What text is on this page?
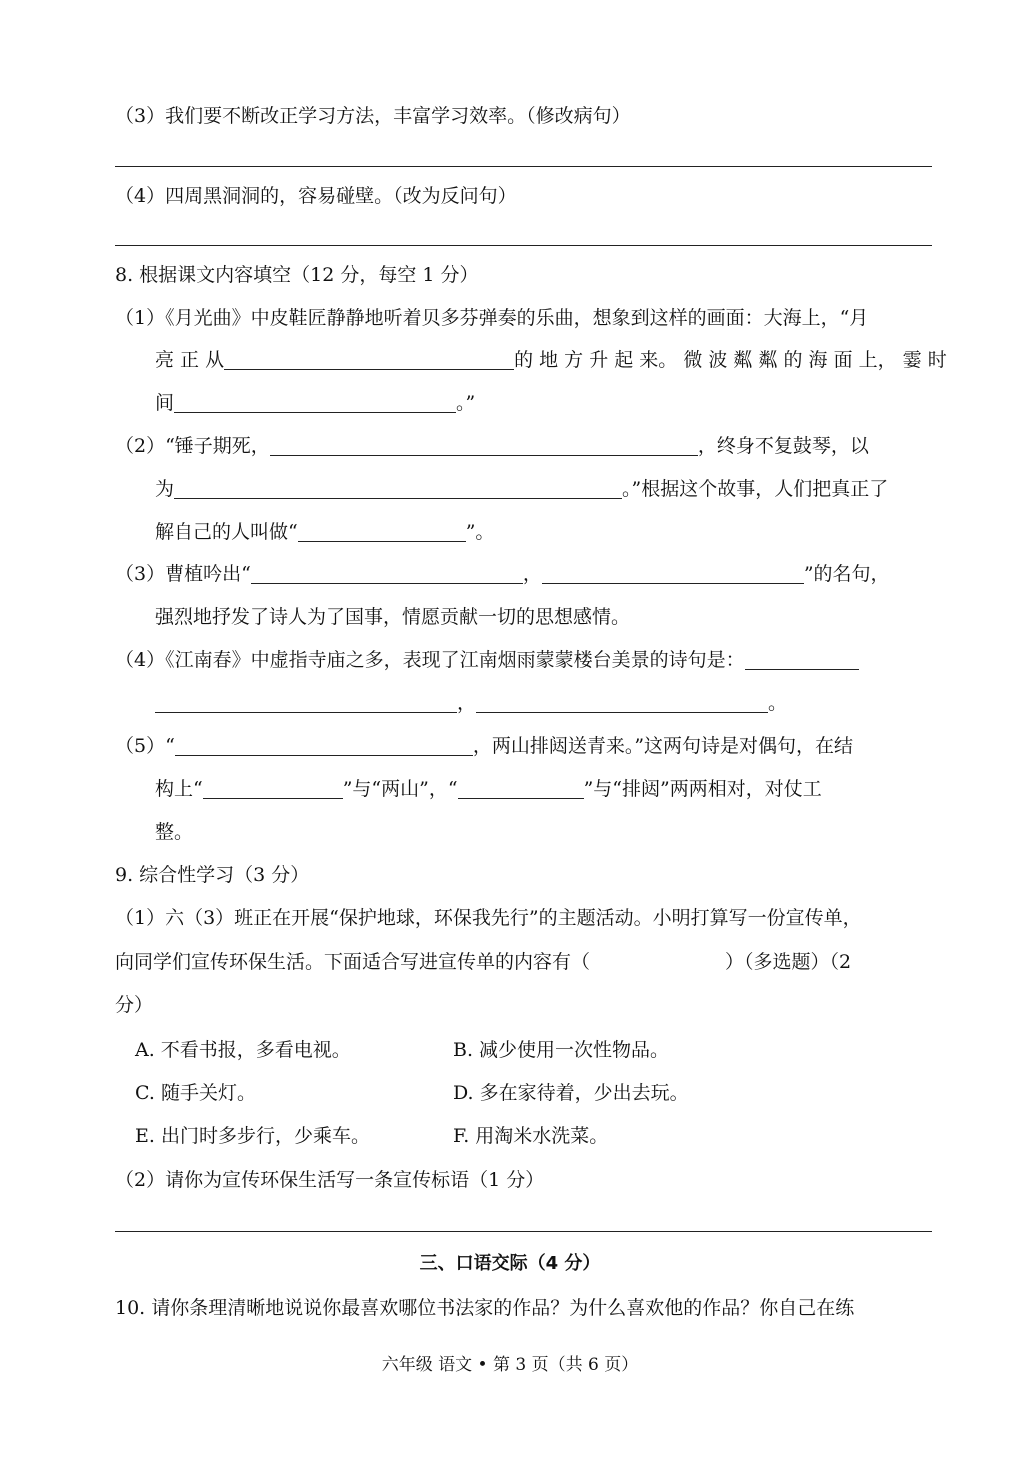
（3）我们要不断改正学习方法，丰富学习效率。（修改病句）
（4）四周黑洞洞的，容易碰壁。（改为反问句）
8. 根据课文内容填空（12 分，每空 1 分）
（1）《月光曲》中皮鞋匠静静地听着贝多芬弹奏的乐曲，想象到这样的画面：大海上，“月
亮 正 从	的 地 方 升 起 来。 微 波 粼 粼 的 海 面 上， 霎 时
间	。”
（2）“锤子期死，	，终身不复鼓琴，以
为	。”根据这个故事，人们把真正了
解自己的人叫做“	”。
（3）曹植吟出“	，	”的名句，
强烈地抒发了诗人为了国事，情愿贡献一切的思想感情。
（4）《江南春》中虚指寺庙之多，表现了江南烟雨蒙蒙楼台美景的诗句是：
，	。
（5）“	，两山排闼送青来。”这两句诗是对偶句，在结
构上“	”与“两山”，“	”与“排闼”两两相对，对仗工
整。
9. 综合性学习（3 分）
（1）六（3）班正在开展“保护地球，环保我先行”的主题活动。小明打算写一份宣传单，
向同学们宣传环保生活。下面适合写进宣传单的内容有（	）（多选题）（2
分）
A. 不看书报，多看电视。	B. 减少使用一次性物品。
C. 随手关灯。	D. 多在家待着，少出去玩。
E. 出门时多步行，少乘车。	F. 用淘米水洗菜。
（2）请你为宣传环保生活写一条宣传标语（1 分）
三、口语交际（4 分）
10. 请你条理清晰地说说你最喜欢哪位书法家的作品？为什么喜欢他的作品？你自己在练
六年级 语文 • 第 3 页（共 6 页）
